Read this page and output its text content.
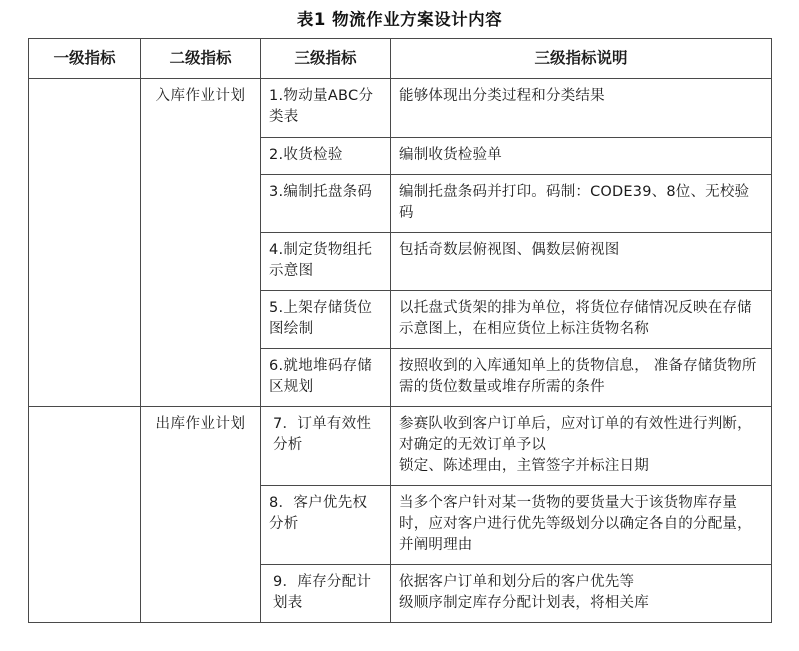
表1 物流作业方案设计内容
一级指标	二级指标	三级指标	三级指标说明
	入库作业计划	1.物动量ABC分类表	能够体现出分类过程和分类结果
		2.收货检验	编制收货检验单
		3.编制托盘条码	编制托盘条码并打印。码制：CODE39、8位、无校验码
		4.制定货物组托示意图	包括奇数层俯视图、偶数层俯视图
		5.上架存储货位图绘制	以托盘式货架的排为单位，将货位存储情况反映在存储示意图上，在相应货位上标注货物名称
		6.就地堆码存储区规划	按照收到的入库通知单上的货物信息， 准备存储货物所需的货位数量或堆存所需的条件
	出库作业计划	7．订单有效性分析	参赛队收到客户订单后，应对订单的有效性进行判断，对确定的无效订单予以
锁定、陈述理由，主管签字并标注日期

		8．客户优先权分析	当多个客户针对某一货物的要货量大于该货物库存量时，应对客户进行优先等级划分以确定各自的分配量，并阐明理由
		9．库存分配计划表	依据客户订单和划分后的客户优先等
级顺序制定库存分配计划表，将相关库
